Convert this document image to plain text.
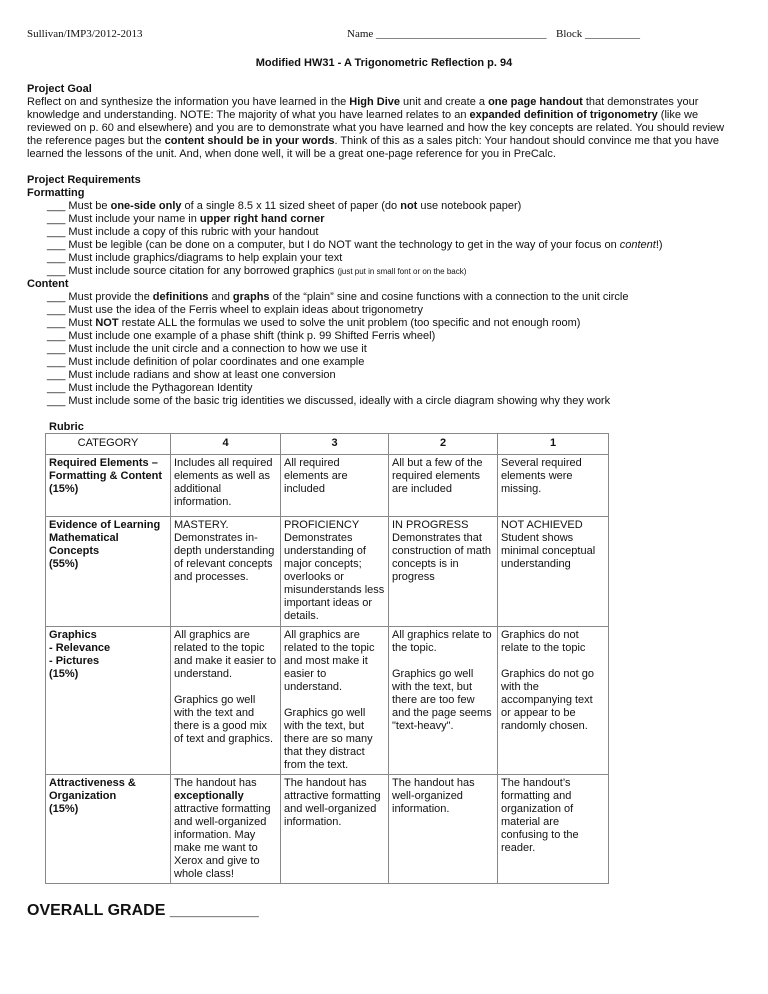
Sullivan/IMP3/2012-2013	Name _______________________________ Block __________
Modified HW31 - A Trigonometric Reflection p. 94

Project Goal

Reflect on and synthesize the information you have learned in the High Dive unit and create a one page handout that demonstrates your knowledge and understanding. NOTE: The majority of what you have learned relates to an expanded definition of trigonometry (like we reviewed on p. 60 and elsewhere) and you are to demonstrate what you have learned and how the key concepts are related. You should review the reference pages but the content should be in your words. Think of this as a sales pitch: Your handout should convince me that you have learned the lessons of the unit. And, when done well, it will be a great one-page reference for you in PreCalc.

Project Requirements

Formatting

___ Must be one-side only of a single 8.5 x 11 sized sheet of paper (do not use notebook paper)

___ Must include your name in upper right hand corner

___ Must include a copy of this rubric with your handout

___ Must be legible (can be done on a computer, but I do NOT want the technology to get in the way of your focus on content!)

___ Must include graphics/diagrams to help explain your text

___ Must include source citation for any borrowed graphics (just put in small font or on the back)

Content

___ Must provide the definitions and graphs of the “plain” sine and cosine functions with a connection to the unit circle

___ Must use the idea of the Ferris wheel to explain ideas about trigonometry

___ Must NOT restate ALL the formulas we used to solve the unit problem (too specific and not enough room)

___ Must include one example of a phase shift (think p. 99 Shifted Ferris wheel)

___ Must include the unit circle and a connection to how we use it

___ Must include definition of polar coordinates and one example

___ Must include radians and show at least one conversion

___ Must include the Pythagorean Identity

___ Must include some of the basic trig identities we discussed, ideally with a circle diagram showing why they work

Rubric
CATEGORY	4	3	2	1
Required Elements –
Formatting & Content
(15%)	Includes all required elements as well as additional information.	All required elements are included	All but a few of the required elements are included	Several required elements were missing.
Evidence of Learning
Mathematical
Concepts
(55%)	MASTERY.
Demonstrates in-depth understanding of relevant concepts and processes.	PROFICIENCY
Demonstrates understanding of major concepts; overlooks or misunderstands less important ideas or details.	IN PROGRESS
Demonstrates that construction of math concepts is in progress	NOT ACHIEVED
Student shows minimal conceptual understanding
Graphics
- Relevance
- Pictures
(15%)	All graphics are related to the topic and make it easier to understand.

Graphics go well with the text and there is a good mix of text and graphics.	All graphics are related to the topic and most make it easier to understand.

Graphics go well with the text, but there are so many that they distract from the text.	All graphics relate to the topic.

Graphics go well with the text, but there are too few and the page seems "text-heavy".	Graphics do not relate to the topic

Graphics do not go with the accompanying text or appear to be randomly chosen.
Attractiveness &
Organization
(15%)	The handout has
exceptionally
attractive formatting and well-organized information. May make me want to Xerox and give to whole class!	The handout has attractive formatting and well-organized information.	The handout has well-organized information.	The handout’s formatting and organization of material are confusing to the reader.
OVERALL GRADE __________
